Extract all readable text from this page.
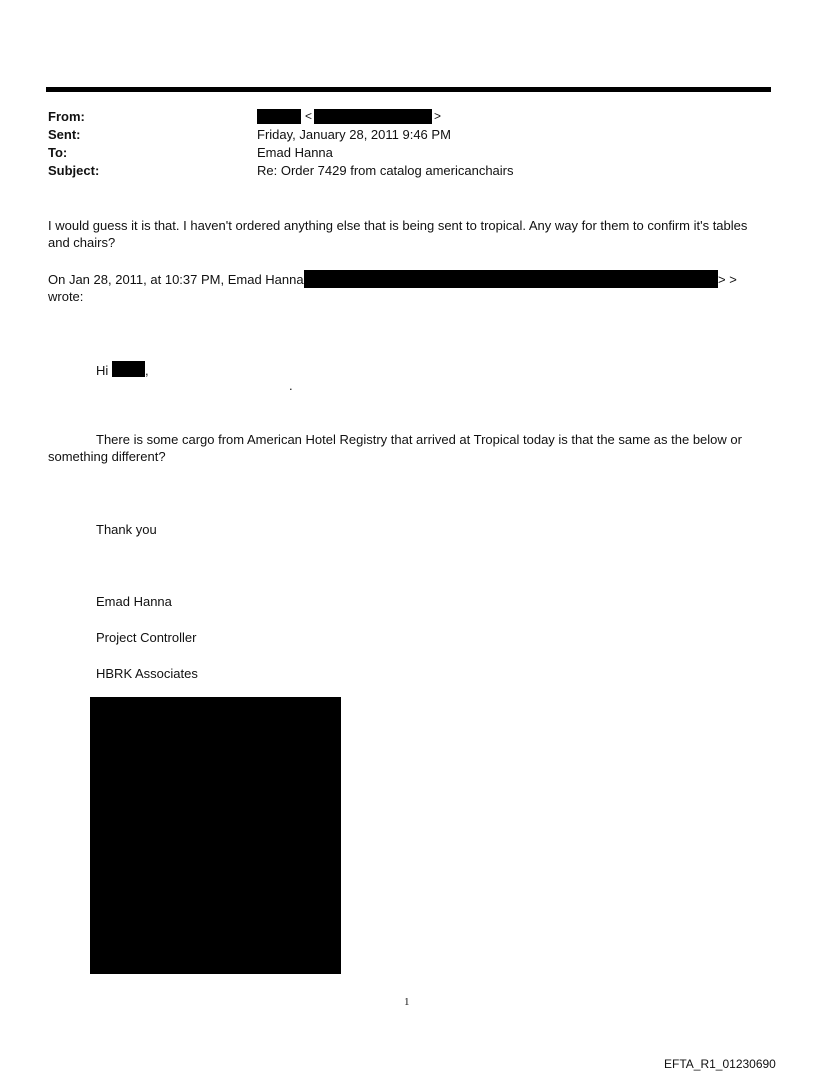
From:	<	>
Sent:	Friday, January 28, 2011 9:46 PM
To:	Emad Hanna
Subject:	Re: Order 7429 from catalog americanchairs
I would guess it is that. I haven't ordered anything else that is being sent to tropical. Any way for them to confirm it's tables and chairs?
On Jan 28, 2011, at 10:37 PM, Emad Hanna	> >
wrote:
Hi	,
.
There is some cargo from American Hotel Registry that arrived at Tropical today is that the same as the below or something different?
Thank you
Emad Hanna
Project Controller
HBRK Associates
1
EFTA_R1_01230690
